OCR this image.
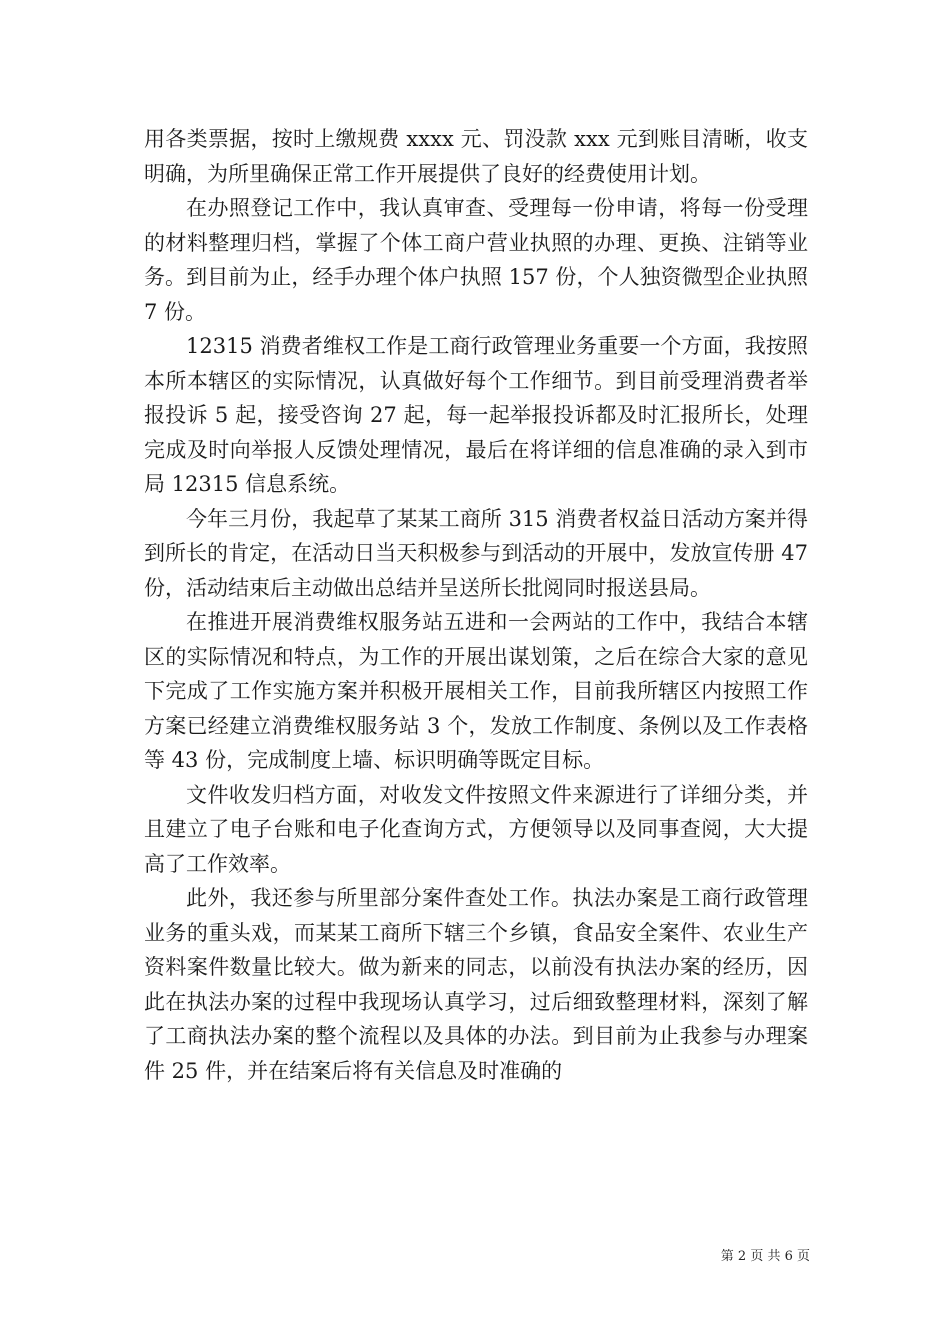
用各类票据，按时上缴规费 xxxx 元、罚没款 xxx 元到账目清晰，收支明确，为所里确保正常工作开展提供了良好的经费使用计划。

在办照登记工作中，我认真审查、受理每一份申请，将每一份受理的材料整理归档，掌握了个体工商户营业执照的办理、更换、注销等业务。到目前为止，经手办理个体户执照 157 份，个人独资微型企业执照 7 份。

12315 消费者维权工作是工商行政管理业务重要一个方面，我按照本所本辖区的实际情况，认真做好每个工作细节。到目前受理消费者举报投诉 5 起，接受咨询 27 起，每一起举报投诉都及时汇报所长，处理完成及时向举报人反馈处理情况，最后在将详细的信息准确的录入到市局 12315 信息系统。

今年三月份，我起草了某某工商所 315 消费者权益日活动方案并得到所长的肯定，在活动日当天积极参与到活动的开展中，发放宣传册 47 份，活动结束后主动做出总结并呈送所长批阅同时报送县局。

在推进开展消费维权服务站五进和一会两站的工作中，我结合本辖区的实际情况和特点，为工作的开展出谋划策，之后在综合大家的意见下完成了工作实施方案并积极开展相关工作，目前我所辖区内按照工作方案已经建立消费维权服务站 3 个，发放工作制度、条例以及工作表格等 43 份，完成制度上墙、标识明确等既定目标。

文件收发归档方面，对收发文件按照文件来源进行了详细分类，并且建立了电子台账和电子化查询方式，方便领导以及同事查阅，大大提高了工作效率。

此外，我还参与所里部分案件查处工作。执法办案是工商行政管理业务的重头戏，而某某工商所下辖三个乡镇，食品安全案件、农业生产资料案件数量比较大。做为新来的同志，以前没有执法办案的经历，因此在执法办案的过程中我现场认真学习，过后细致整理材料，深刻了解了工商执法办案的整个流程以及具体的办法。到目前为止我参与办理案件 25 件，并在结案后将有关信息及时准确的

第 2 页 共 6 页
